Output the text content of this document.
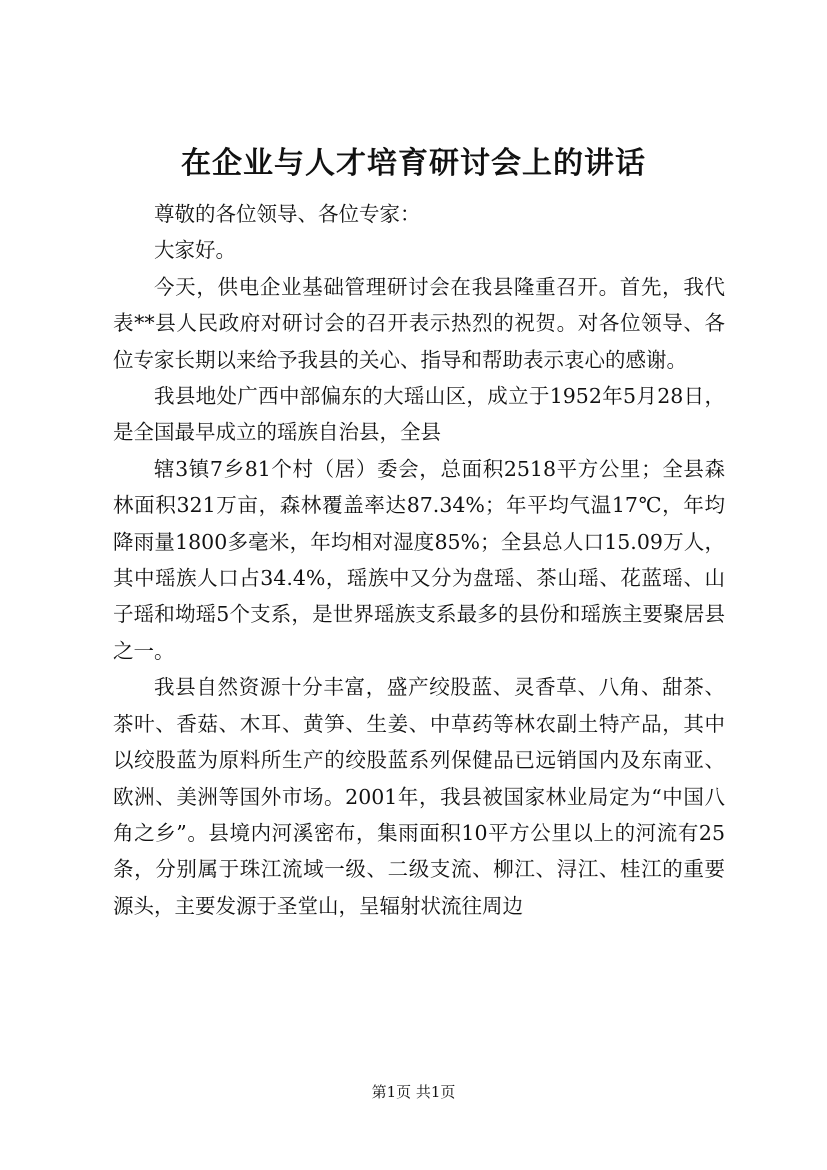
在企业与人才培育研讨会上的讲话

尊敬的各位领导、各位专家：

大家好。

今天，供电企业基础管理研讨会在我县隆重召开。首先，我代表**县人民政府对研讨会的召开表示热烈的祝贺。对各位领导、各位专家长期以来给予我县的关心、指导和帮助表示衷心的感谢。

我县地处广西中部偏东的大瑶山区，成立于1952年5月28日，是全国最早成立的瑶族自治县，全县

辖3镇7乡81个村（居）委会，总面积2518平方公里；全县森林面积321万亩，森林覆盖率达87.34%；年平均气温17℃，年均降雨量1800多毫米，年均相对湿度85%；全县总人口15.09万人，其中瑶族人口占34.4%，瑶族中又分为盘瑶、茶山瑶、花蓝瑶、山子瑶和坳瑶5个支系，是世界瑶族支系最多的县份和瑶族主要聚居县之一。

我县自然资源十分丰富，盛产绞股蓝、灵香草、八角、甜茶、茶叶、香菇、木耳、黄笋、生姜、中草药等林农副土特产品，其中以绞股蓝为原料所生产的绞股蓝系列保健品已远销国内及东南亚、欧洲、美洲等国外市场。2001年，我县被国家林业局定为“中国八角之乡”。县境内河溪密布，集雨面积10平方公里以上的河流有25条，分别属于珠江流域一级、二级支流、柳江、浔江、桂江的重要源头，主要发源于圣堂山，呈辐射状流往周边

第1页 共1页
